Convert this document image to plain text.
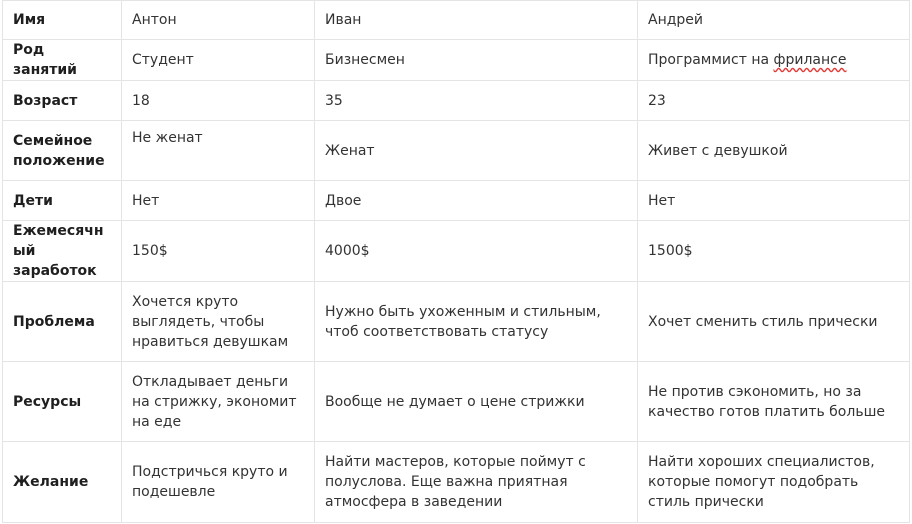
Имя	Антон	Иван	Андрей
Род занятий	Студент	Бизнесмен	Программист на фрилансе
Возраст	18	35	23
Семейное положение	Не женат	Женат	Живет с девушкой
Дети	Нет	Двое	Нет
Ежемесячный заработок	150$	4000$	1500$
Проблема	Хочется круто выглядеть, чтобы нравиться девушкам	Нужно быть ухоженным и стильным, чтоб соответствовать статусу	Хочет сменить стиль прически
Ресурсы	Откладывает деньги на стрижку, экономит на еде	Вообще не думает о цене стрижки	Не против сэкономить, но за качество готов платить больше
Желание	Подстричься круто и подешевле	Найти мастеров, которые поймут с полуслова. Еще важна приятная атмосфера в заведении	Найти хороших специалистов, которые помогут подобрать стиль прически
